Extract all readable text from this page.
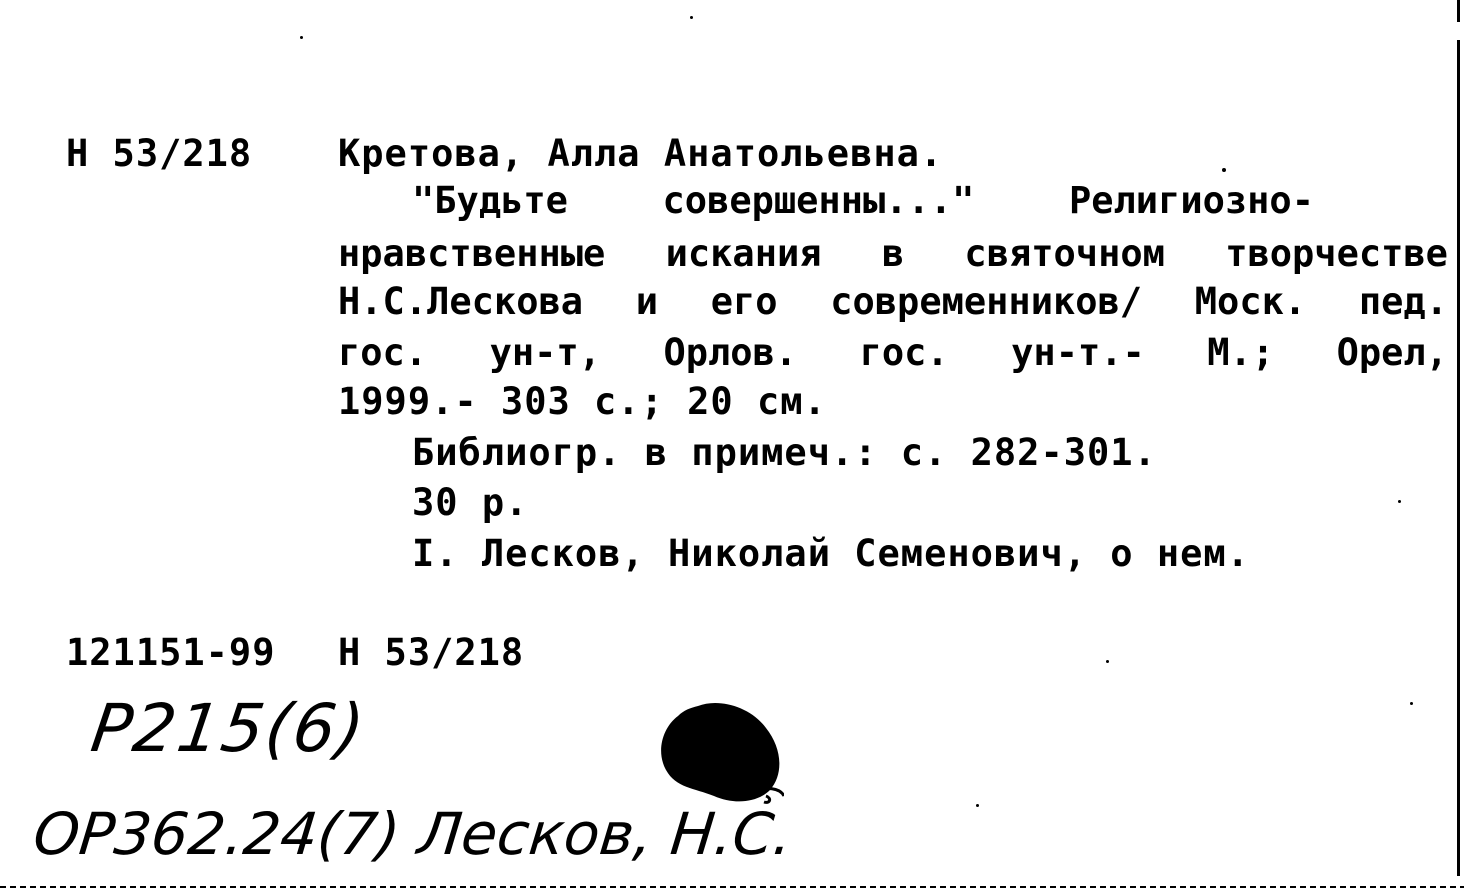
Н 53/218 Кретова, Алла Анатольевна.
"Будьте	совершенны..."	Религиозно-
нравственные искания в святочном творчестве
Н.С.Лескова и его современников/ Моск. пед.
гос. ун-т, Орлов. гос. ун-т.- М.; Орел,
1999.- 303 с.; 20 см.
Библиогр. в примеч.: с. 282-301.
30 р.
I. Лесков, Николай Семенович, о нем.
121151-99 Н 53/218
P215(6)
ОР362.24(7) Лесков, Н.С.
